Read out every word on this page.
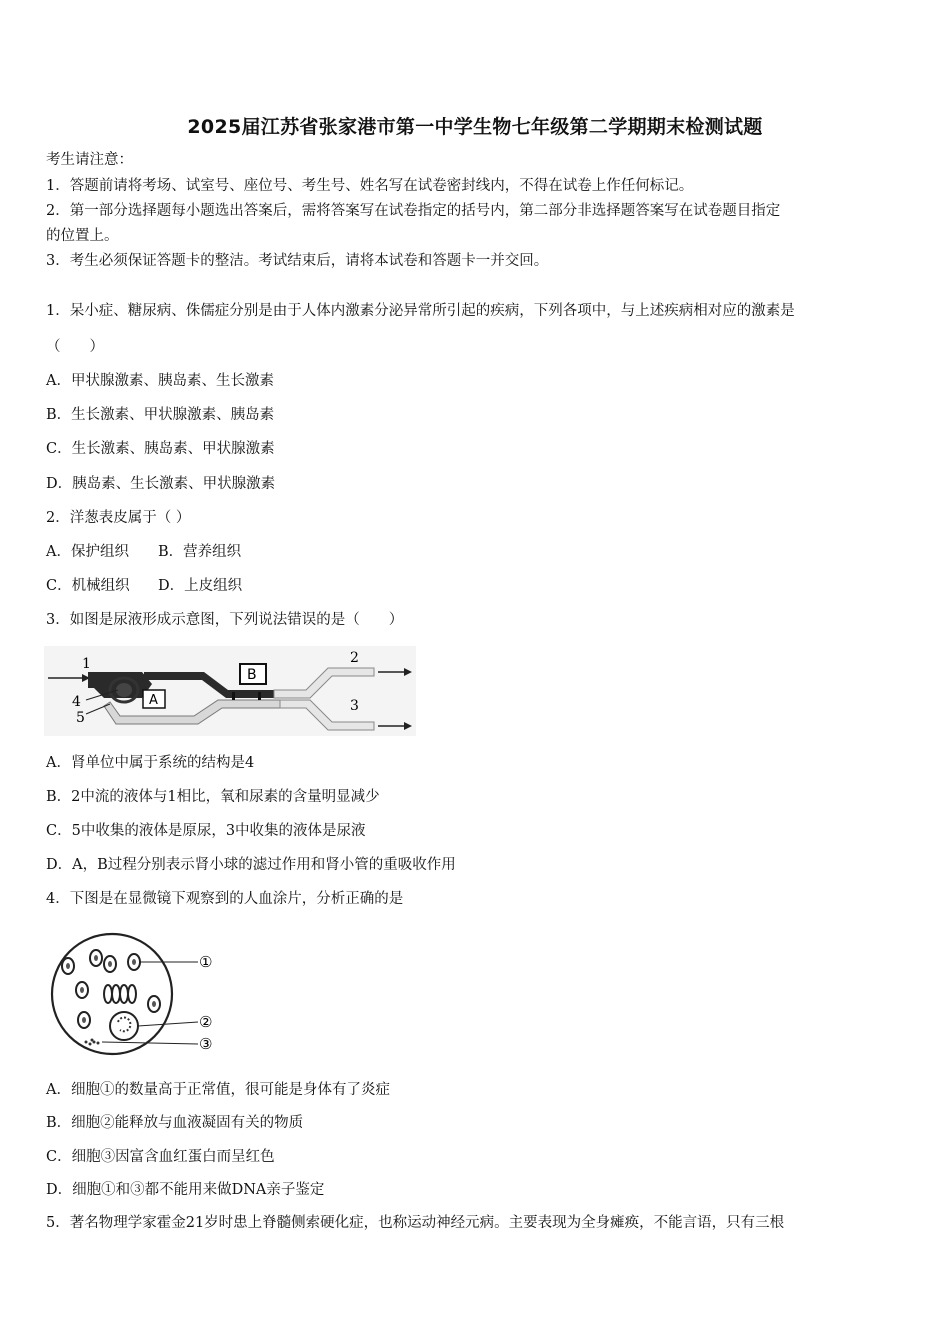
2025届江苏省张家港市第一中学生物七年级第二学期期末检测试题
考生请注意：
1．答题前请将考场、试室号、座位号、考生号、姓名写在试卷密封线内，不得在试卷上作任何标记。
2．第一部分选择题每小题选出答案后，需将答案写在试卷指定的括号内，第二部分非选择题答案写在试卷题目指定
的位置上。
3．考生必须保证答题卡的整洁。考试结束后，请将本试卷和答题卡一并交回。
1．呆小症、糖尿病、侏儒症分别是由于人体内激素分泌异常所引起的疾病，下列各项中，与上述疾病相对应的激素是
（　　）
A．甲状腺激素、胰岛素、生长激素
B．生长激素、甲状腺激素、胰岛素
C．生长激素、胰岛素、甲状腺激素
D．胰岛素、生长激素、甲状腺激素
2．洋葱表皮属于（ ）
A．保护组织 B．营养组织
C．机械组织 D．上皮组织
3．如图是尿液形成示意图，下列说法错误的是（　　）
1	2
3
4
5
A
B
A．肾单位中属于系统的结构是4
B．2中流的液体与1相比，氧和尿素的含量明显减少
C．5中收集的液体是原尿，3中收集的液体是尿液
D．A，B过程分别表示肾小球的滤过作用和肾小管的重吸收作用
4．下图是在显微镜下观察到的人血涂片，分析正确的是
①
②
③
A．细胞①的数量高于正常值，很可能是身体有了炎症
B．细胞②能释放与血液凝固有关的物质
C．细胞③因富含血红蛋白而呈红色
D．细胞①和③都不能用来做DNA亲子鉴定
5．著名物理学家霍金21岁时患上脊髓侧索硬化症，也称运动神经元病。主要表现为全身瘫痪，不能言语，只有三根
